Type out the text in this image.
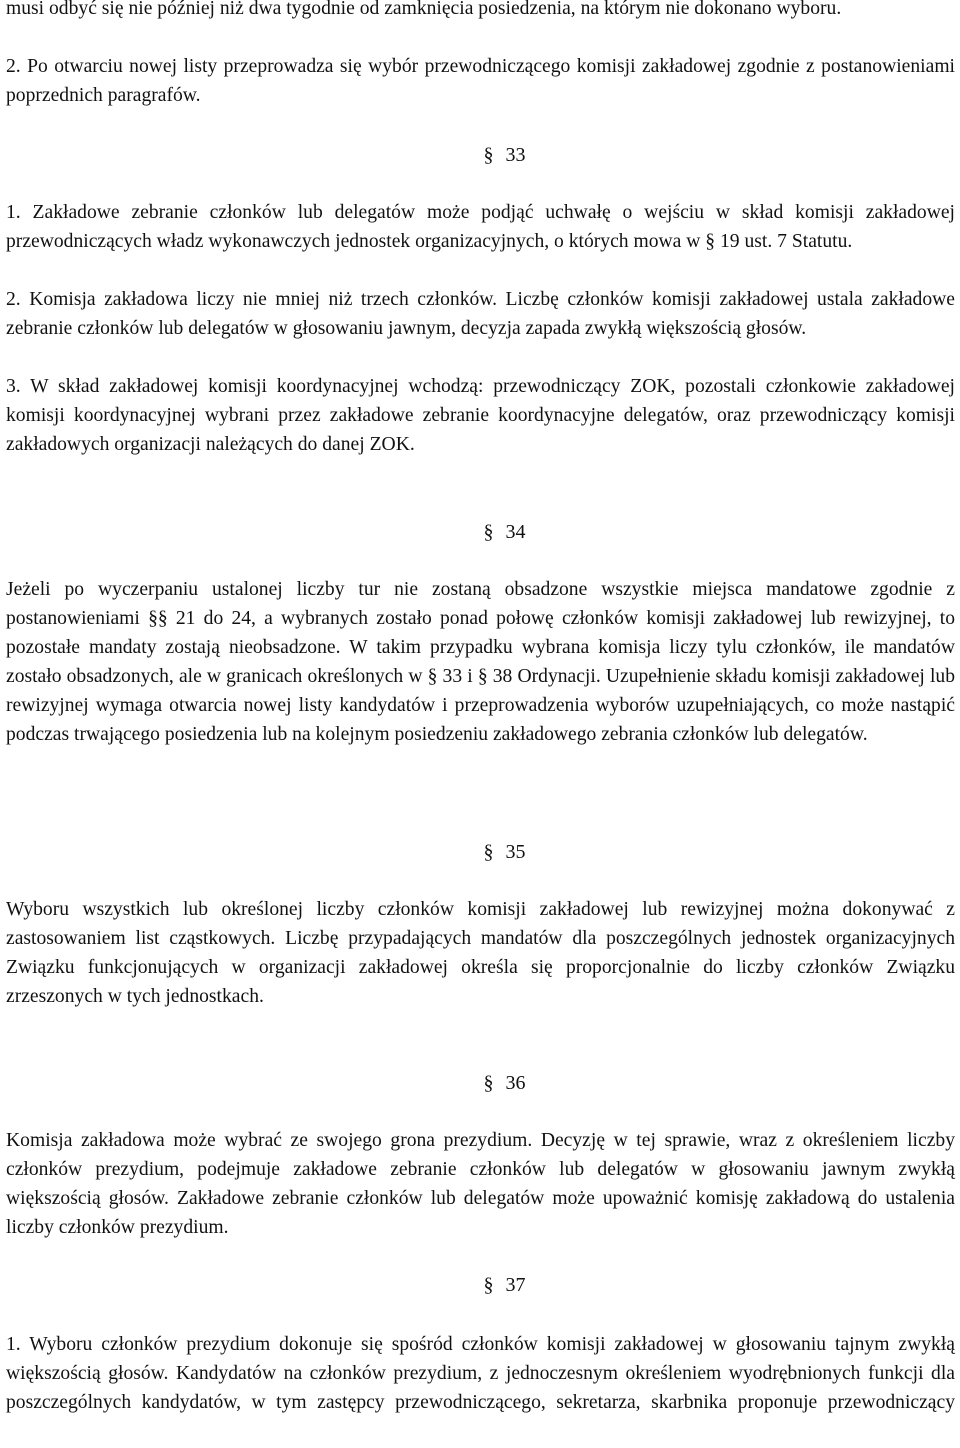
musi odbyć się nie później niż dwa tygodnie od zamknięcia posiedzenia, na którym nie dokonano wyboru.

2. Po otwarciu nowej listy przeprowadza się wybór przewodniczącego komisji zakładowej zgodnie z postanowieniami poprzednich paragrafów.

§ 33

1. Zakładowe zebranie członków lub delegatów może podjąć uchwałę o wejściu w skład komisji zakładowej przewodniczących władz wykonawczych jednostek organizacyjnych, o których mowa w § 19 ust. 7 Statutu.

2. Komisja zakładowa liczy nie mniej niż trzech członków. Liczbę członków komisji zakładowej ustala zakładowe zebranie członków lub delegatów w głosowaniu jawnym, decyzja zapada zwykłą większością głosów.

3. W skład zakładowej komisji koordynacyjnej wchodzą: przewodniczący ZOK, pozostali członkowie zakładowej komisji koordynacyjnej wybrani przez zakładowe zebranie koordynacyjne delegatów, oraz przewodniczący komisji zakładowych organizacji należących do danej ZOK.

§ 34

Jeżeli po wyczerpaniu ustalonej liczby tur nie zostaną obsadzone wszystkie miejsca mandatowe zgodnie z postanowieniami §§ 21 do 24, a wybranych zostało ponad połowę członków komisji zakładowej lub rewizyjnej, to pozostałe mandaty zostają nieobsadzone. W takim przypadku wybrana komisja liczy tylu członków, ile mandatów zostało obsadzonych, ale w granicach określonych w § 33 i § 38 Ordynacji. Uzupełnienie składu komisji zakładowej lub rewizyjnej wymaga otwarcia nowej listy kandydatów i przeprowadzenia wyborów uzupełniających, co może nastąpić podczas trwającego posiedzenia lub na kolejnym posiedzeniu zakładowego zebrania członków lub delegatów.

§ 35

Wyboru wszystkich lub określonej liczby członków komisji zakładowej lub rewizyjnej można dokonywać z zastosowaniem list cząstkowych. Liczbę przypadających mandatów dla poszczególnych jednostek organizacyjnych Związku funkcjonujących w organizacji zakładowej określa się proporcjonalnie do liczby członków Związku zrzeszonych w tych jednostkach.

§ 36

Komisja zakładowa może wybrać ze swojego grona prezydium. Decyzję w tej sprawie, wraz z określeniem liczby członków prezydium, podejmuje zakładowe zebranie członków lub delegatów w głosowaniu jawnym zwykłą większością głosów. Zakładowe zebranie członków lub delegatów może upoważnić komisję zakładową do ustalenia liczby członków prezydium.

§ 37

1. Wyboru członków prezydium dokonuje się spośród członków komisji zakładowej w głosowaniu tajnym zwykłą większością głosów. Kandydatów na członków prezydium, z jednoczesnym określeniem wyodrębnionych funkcji dla poszczególnych kandydatów, w tym zastępcy przewodniczącego, sekretarza, skarbnika proponuje przewodniczący
